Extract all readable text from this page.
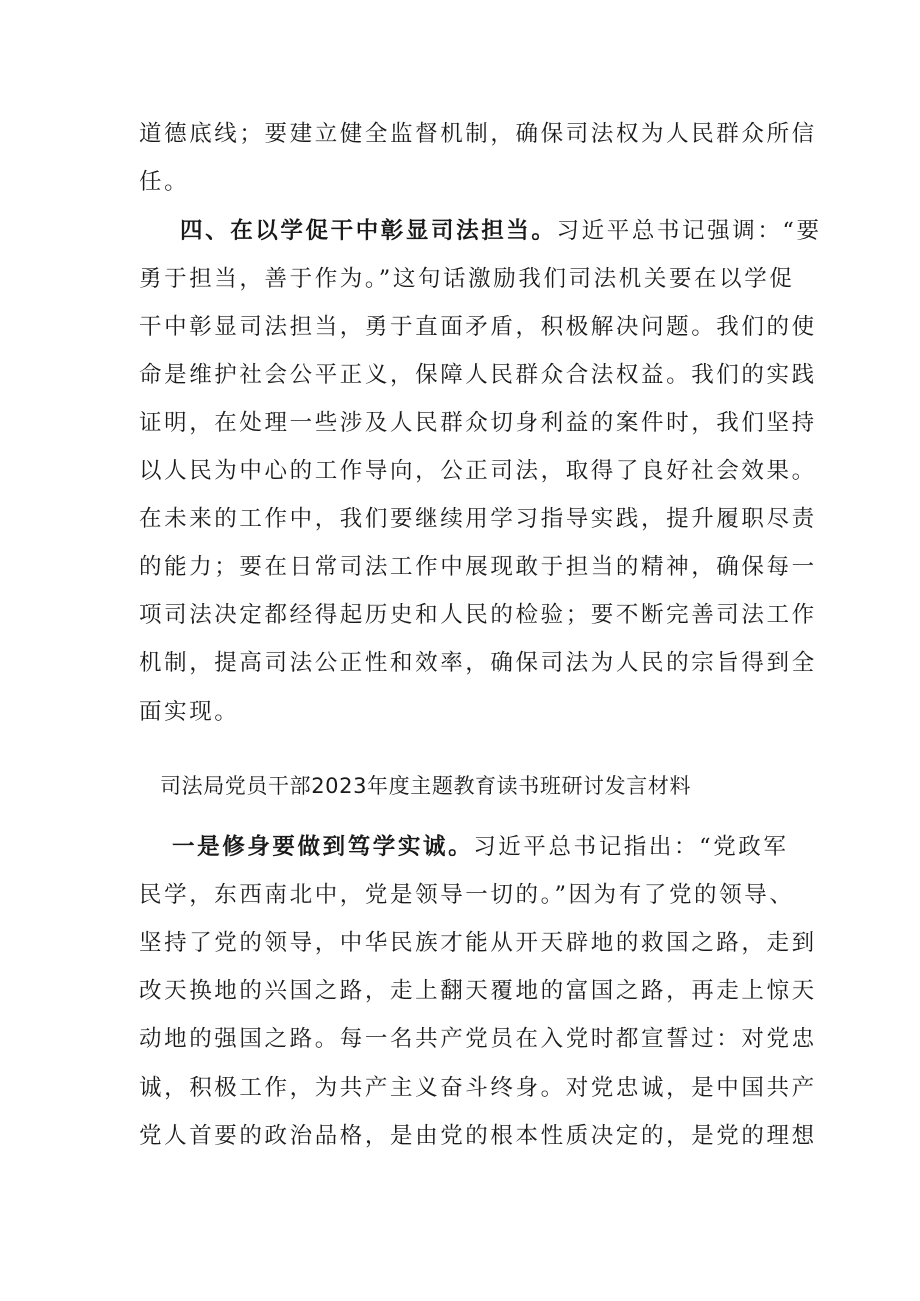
道德底线；要建立健全监督机制，确保司法权为人民群众所信
任。
四、在以学促干中彰显司法担当。习近平总书记强调：“要
勇于担当，善于作为。”这句话激励我们司法机关要在以学促
干中彰显司法担当，勇于直面矛盾，积极解决问题。我们的使
命是维护社会公平正义，保障人民群众合法权益。我们的实践
证明，在处理一些涉及人民群众切身利益的案件时，我们坚持
以人民为中心的工作导向，公正司法，取得了良好社会效果。
在未来的工作中，我们要继续用学习指导实践，提升履职尽责
的能力；要在日常司法工作中展现敢于担当的精神，确保每一
项司法决定都经得起历史和人民的检验；要不断完善司法工作
机制，提高司法公正性和效率，确保司法为人民的宗旨得到全
面实现。
司法局党员干部2023年度主题教育读书班研讨发言材料
一是修身要做到笃学实诚。习近平总书记指出：“党政军
民学，东西南北中，党是领导一切的。”因为有了党的领导、
坚持了党的领导，中华民族才能从开天辟地的救国之路，走到
改天换地的兴国之路，走上翻天覆地的富国之路，再走上惊天
动地的强国之路。每一名共产党员在入党时都宣誓过：对党忠
诚，积极工作，为共产主义奋斗终身。对党忠诚，是中国共产
党人首要的政治品格，是由党的根本性质决定的，是党的理想
